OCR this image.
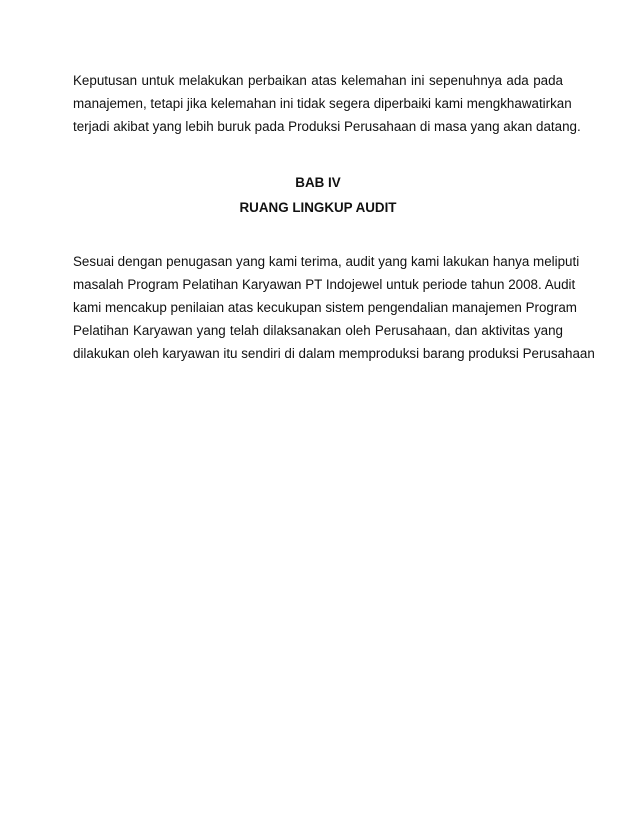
Keputusan untuk melakukan perbaikan atas kelemahan ini sepenuhnya ada pada
manajemen, tetapi jika kelemahan ini tidak segera diperbaiki kami mengkhawatirkan
terjadi akibat yang lebih buruk pada Produksi Perusahaan di masa yang akan datang.
BAB IV
RUANG LINGKUP AUDIT
Sesuai dengan penugasan yang kami terima, audit yang kami lakukan hanya meliputi
masalah Program Pelatihan Karyawan PT Indojewel untuk periode tahun 2008. Audit
kami mencakup penilaian atas kecukupan sistem pengendalian manajemen Program
Pelatihan Karyawan yang telah dilaksanakan oleh Perusahaan, dan aktivitas yang
dilakukan oleh karyawan itu sendiri di dalam memproduksi barang produksi Perusahaan
